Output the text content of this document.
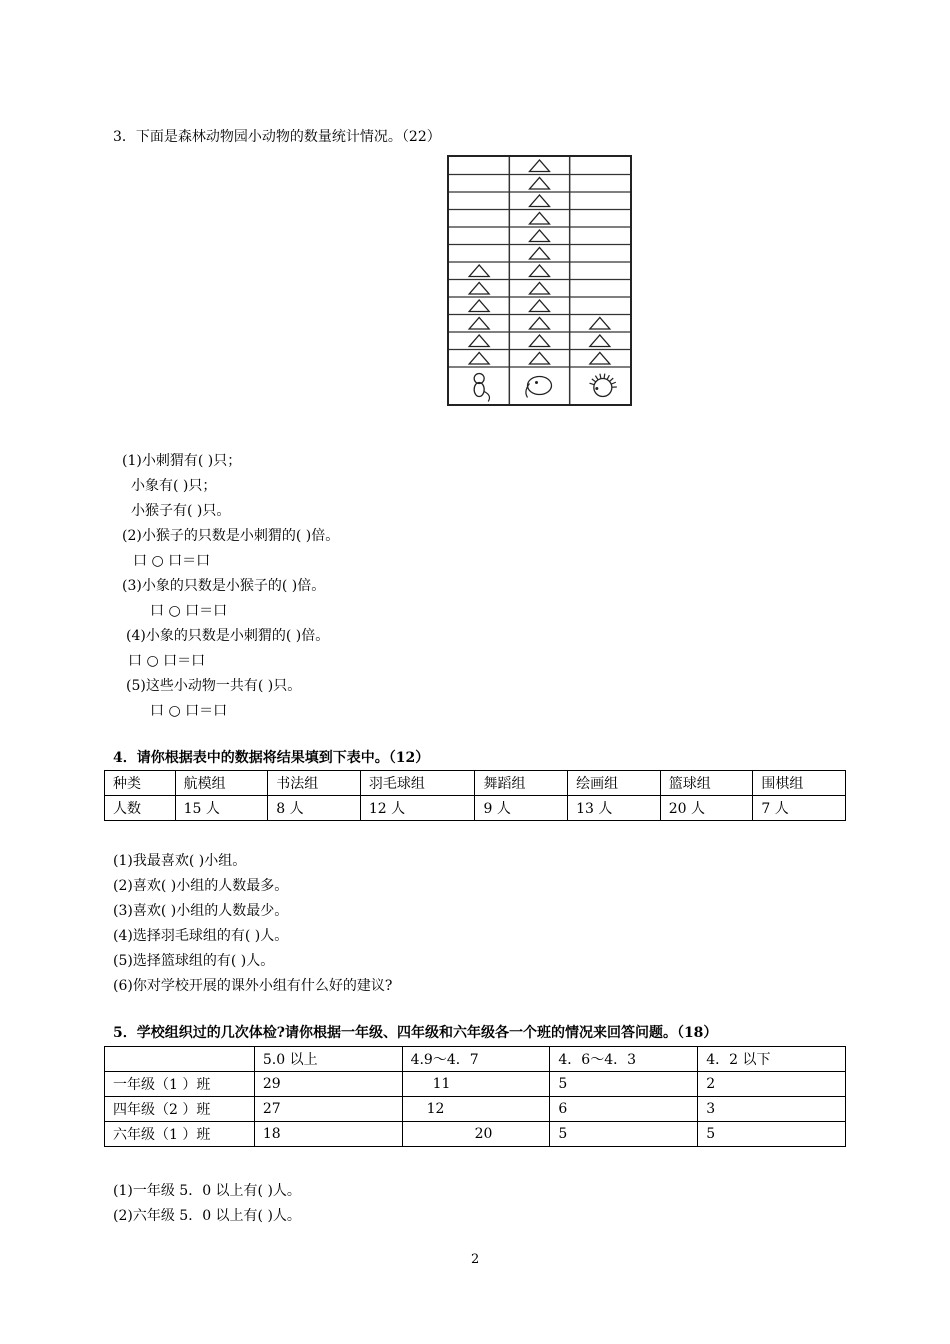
3．下面是森林动物园小动物的数量统计情况。（22）
(1)小刺猬有( )只；
小象有( )只；
小猴子有( )只。
(2)小猴子的只数是小刺猬的( )倍。
口 ○ 口＝口
(3)小象的只数是小猴子的( )倍。
口 ○ 口＝口
(4)小象的只数是小刺猬的( )倍。
口 ○ 口＝口
(5)这些小动物一共有( )只。
口 ○ 口＝口
4．请你根据表中的数据将结果填到下表中。（12）
种类	航模组	书法组	羽毛球组	舞蹈组	绘画组	篮球组	围棋组
人数	15 人	8 人	12 人	9 人	13 人	20 人	7 人
(1)我最喜欢( )小组。
(2)喜欢( )小组的人数最多。
(3)喜欢( )小组的人数最少。
(4)选择羽毛球组的有( )人。
(5)选择篮球组的有( )人。
(6)你对学校开展的课外小组有什么好的建议?
5．学校组织过的几次体检?请你根据一年级、四年级和六年级各一个班的情况来回答问题。（18）
	5.0 以上	4.9～4．7	4．6～4．3	4．2 以下
一年级（1 ）班	29	11	5	2
四年级（2 ）班	27	12	6	3
六年级（1 ）班	18	20	5	5
(1)一年级 5．0 以上有( )人。
(2)六年级 5．0 以上有( )人。
2
